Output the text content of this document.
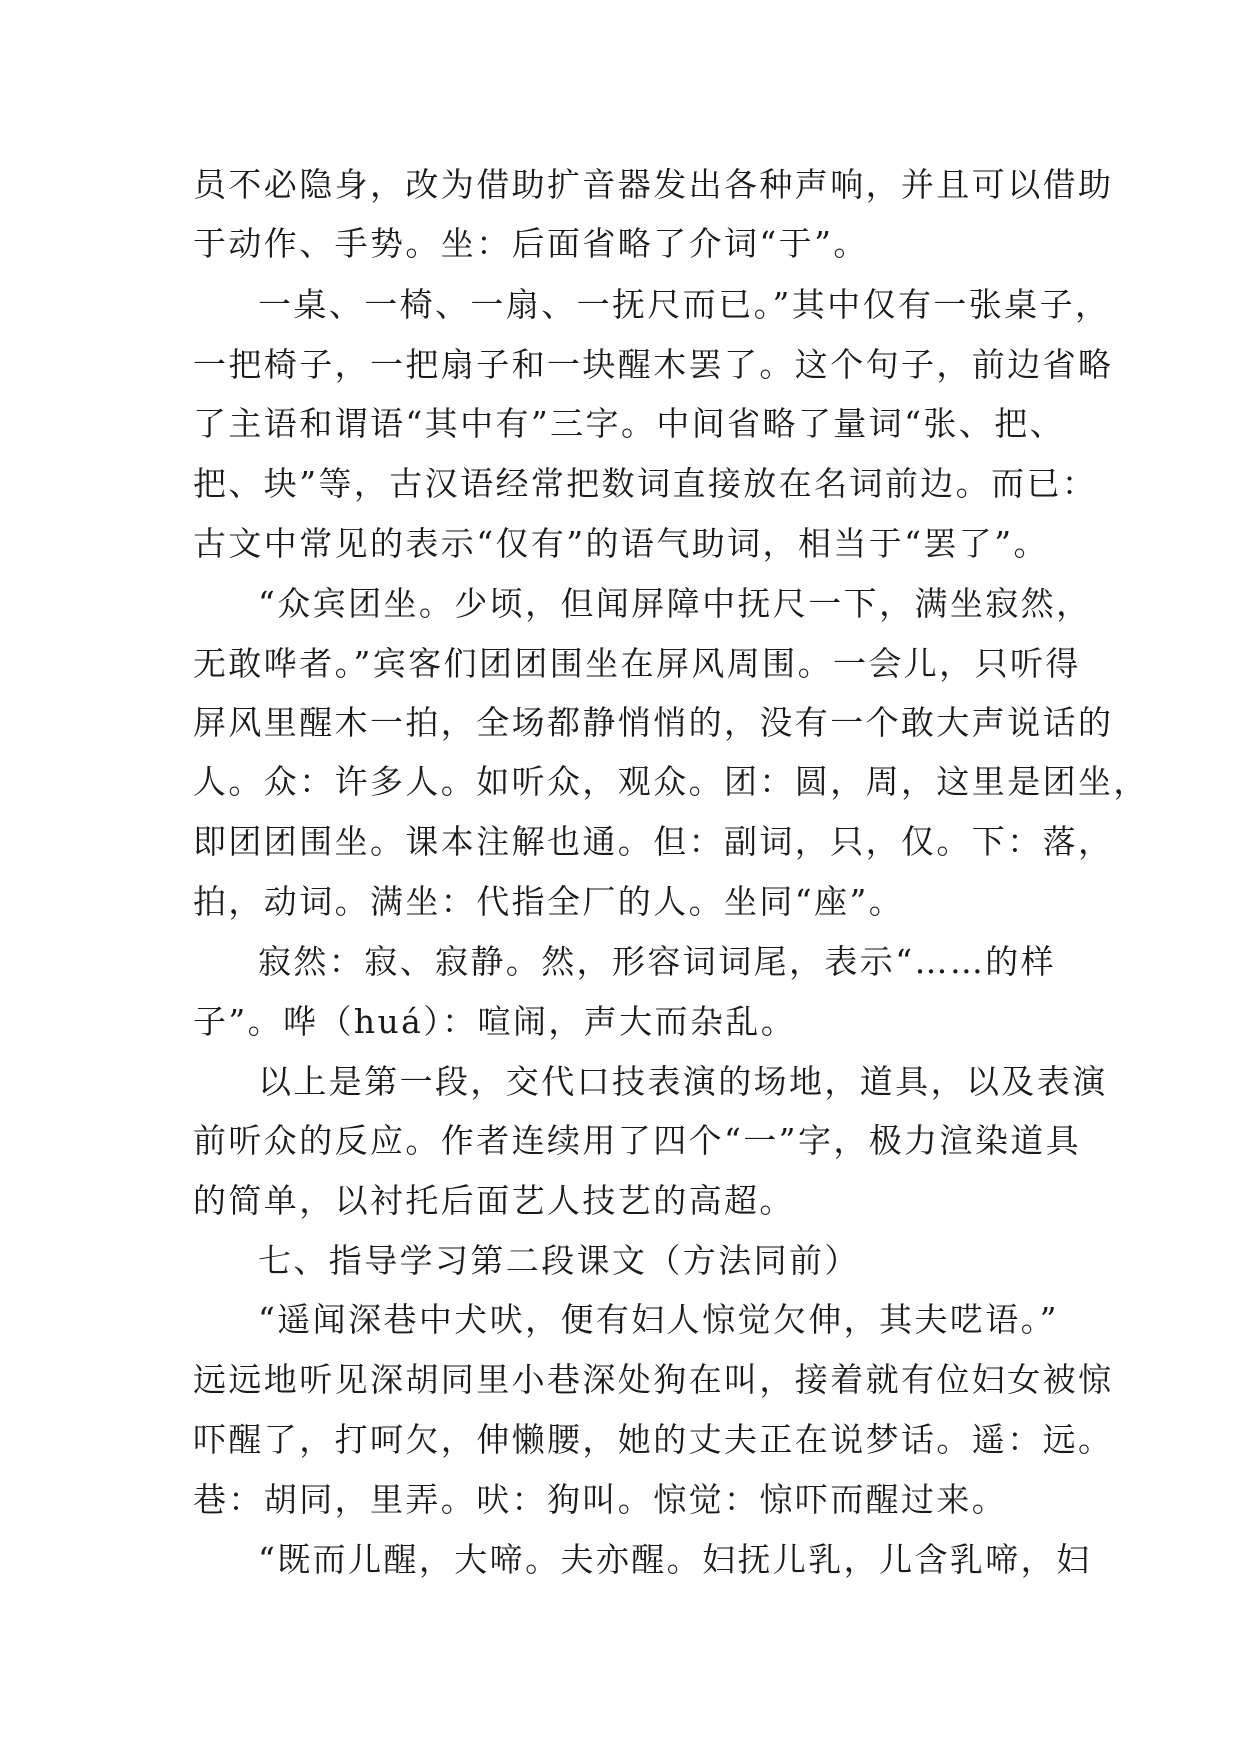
员不必隐身，改为借助扩音器发出各种声响，并且可以借助
于动作、手势。坐：后面省略了介词“于”。
一桌、一椅、一扇、一抚尺而已。”其中仅有一张桌子，
一把椅子，一把扇子和一块醒木罢了。这个句子，前边省略
了主语和谓语“其中有”三字。中间省略了量词“张、把、
把、块”等，古汉语经常把数词直接放在名词前边。而已：
古文中常见的表示“仅有”的语气助词，相当于“罢了”。
“众宾团坐。少顷，但闻屏障中抚尺一下，满坐寂然，
无敢哗者。”宾客们团团围坐在屏风周围。一会儿，只听得
屏风里醒木一拍，全场都静悄悄的，没有一个敢大声说话的
人。众：许多人。如听众，观众。团：圆，周，这里是团坐，
即团团围坐。课本注解也通。但：副词，只，仅。下：落，
拍，动词。满坐：代指全厂的人。坐同“座”。
寂然：寂、寂静。然，形容词词尾，表示“……的样
子”。哗（huá）：喧闹，声大而杂乱。
以上是第一段，交代口技表演的场地，道具，以及表演
前听众的反应。作者连续用了四个“一”字，极力渲染道具
的简单，以衬托后面艺人技艺的高超。
七、指导学习第二段课文（方法同前）
“遥闻深巷中犬吠，便有妇人惊觉欠伸，其夫呓语。”
远远地听见深胡同里小巷深处狗在叫，接着就有位妇女被惊
吓醒了，打呵欠，伸懒腰，她的丈夫正在说梦话。遥：远。
巷：胡同，里弄。吠：狗叫。惊觉：惊吓而醒过来。
“既而儿醒，大啼。夫亦醒。妇抚儿乳，儿含乳啼，妇
